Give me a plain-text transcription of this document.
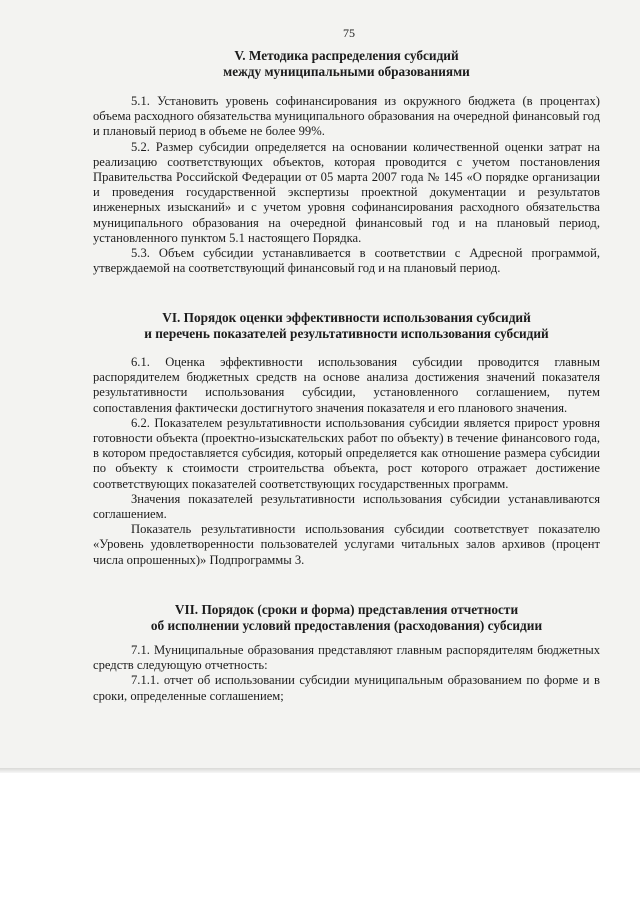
75
V. Методика распределения субсидий
между муниципальными образованиями

5.1. Установить уровень софинансирования из окружного бюджета (в процентах) объема расходного обязательства муниципального образования на очередной финансовый год и плановый период в объеме не более 99%.

5.2. Размер субсидии определяется на основании количественной оценки затрат на реализацию соответствующих объектов, которая проводится с учетом постановления Правительства Российской Федерации от 05 марта 2007 года № 145 «О порядке организации и проведения государственной экспертизы проектной документации и результатов инженерных изысканий» и с учетом уровня софинансирования расходного обязательства муниципального образования на очередной финансовый год и на плановый период, установленного пунктом 5.1 настоящего Порядка.

5.3. Объем субсидии устанавливается в соответствии с Адресной программой, утверждаемой на соответствующий финансовый год и на плановый период.

VI. Порядок оценки эффективности использования субсидий
и перечень показателей результативности использования субсидий

6.1. Оценка эффективности использования субсидии проводится главным распорядителем бюджетных средств на основе анализа достижения значений показателя результативности использования субсидии, установленного соглашением, путем сопоставления фактически достигнутого значения показателя и его планового значения.

6.2. Показателем результативности использования субсидии является прирост уровня готовности объекта (проектно-изыскательских работ по объекту) в течение финансового года, в котором предоставляется субсидия, который определяется как отношение размера субсидии по объекту к стоимости строительства объекта, рост которого отражает достижение соответствующих показателей соответствующих государственных программ.

Значения показателей результативности использования субсидии устанавливаются соглашением.

Показатель результативности использования субсидии соответствует показателю «Уровень удовлетворенности пользователей услугами читальных залов архивов (процент числа опрошенных)» Подпрограммы 3.

VII. Порядок (сроки и форма) представления отчетности
об исполнении условий предоставления (расходования) субсидии

7.1. Муниципальные образования представляют главным распорядителям бюджетных средств следующую отчетность:

7.1.1. отчет об использовании субсидии муниципальным образованием по форме и в сроки, определенные соглашением;
